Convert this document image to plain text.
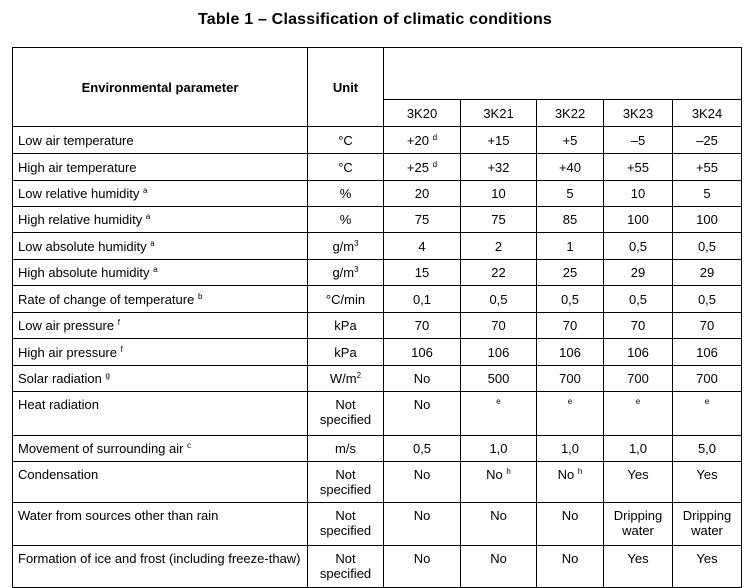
Table 1 – Classification of climatic conditions
Environmental parameter	Unit					
		3K20	3K21	3K22	3K23	3K24
Low air temperature	°C	+20 $^d$	+15	+5	–5	–25
High air temperature	°C	+25 $^d$	+32	+40	+55	+55
Low relative humidity $^a$	%	20	10	5	10	5
High relative humidity $^a$	%	75	75	85	100	100
Low absolute humidity $^a$	$g/m^3$	4	2	1	0,5	0,5
High absolute humidity $^a$	$g/m^3$	15	22	25	29	29
Rate of change of temperature $^b$	°C/min	0,1	0,5	0,5	0,5	0,5
Low air pressure $^f$	kPa	70	70	70	70	70
High air pressure $^f$	kPa	106	106	106	106	106
Solar radiation $^g$	$W/m^2$	No	500	700	700	700
Heat radiation	Not specified	No	$^e$	$^e$	$^e$	$^e$
Movement of surrounding air $^c$	m/s	0,5	1,0	1,0	1,0	5,0
Condensation	Not specified	No	No $^h$	No $^h$	Yes	Yes
Water from sources other than rain	Not specified	No	No	No	Dripping water	Dripping water
Formation of ice and frost (including freeze-thaw)	Not specified	No	No	No	Yes	Yes
